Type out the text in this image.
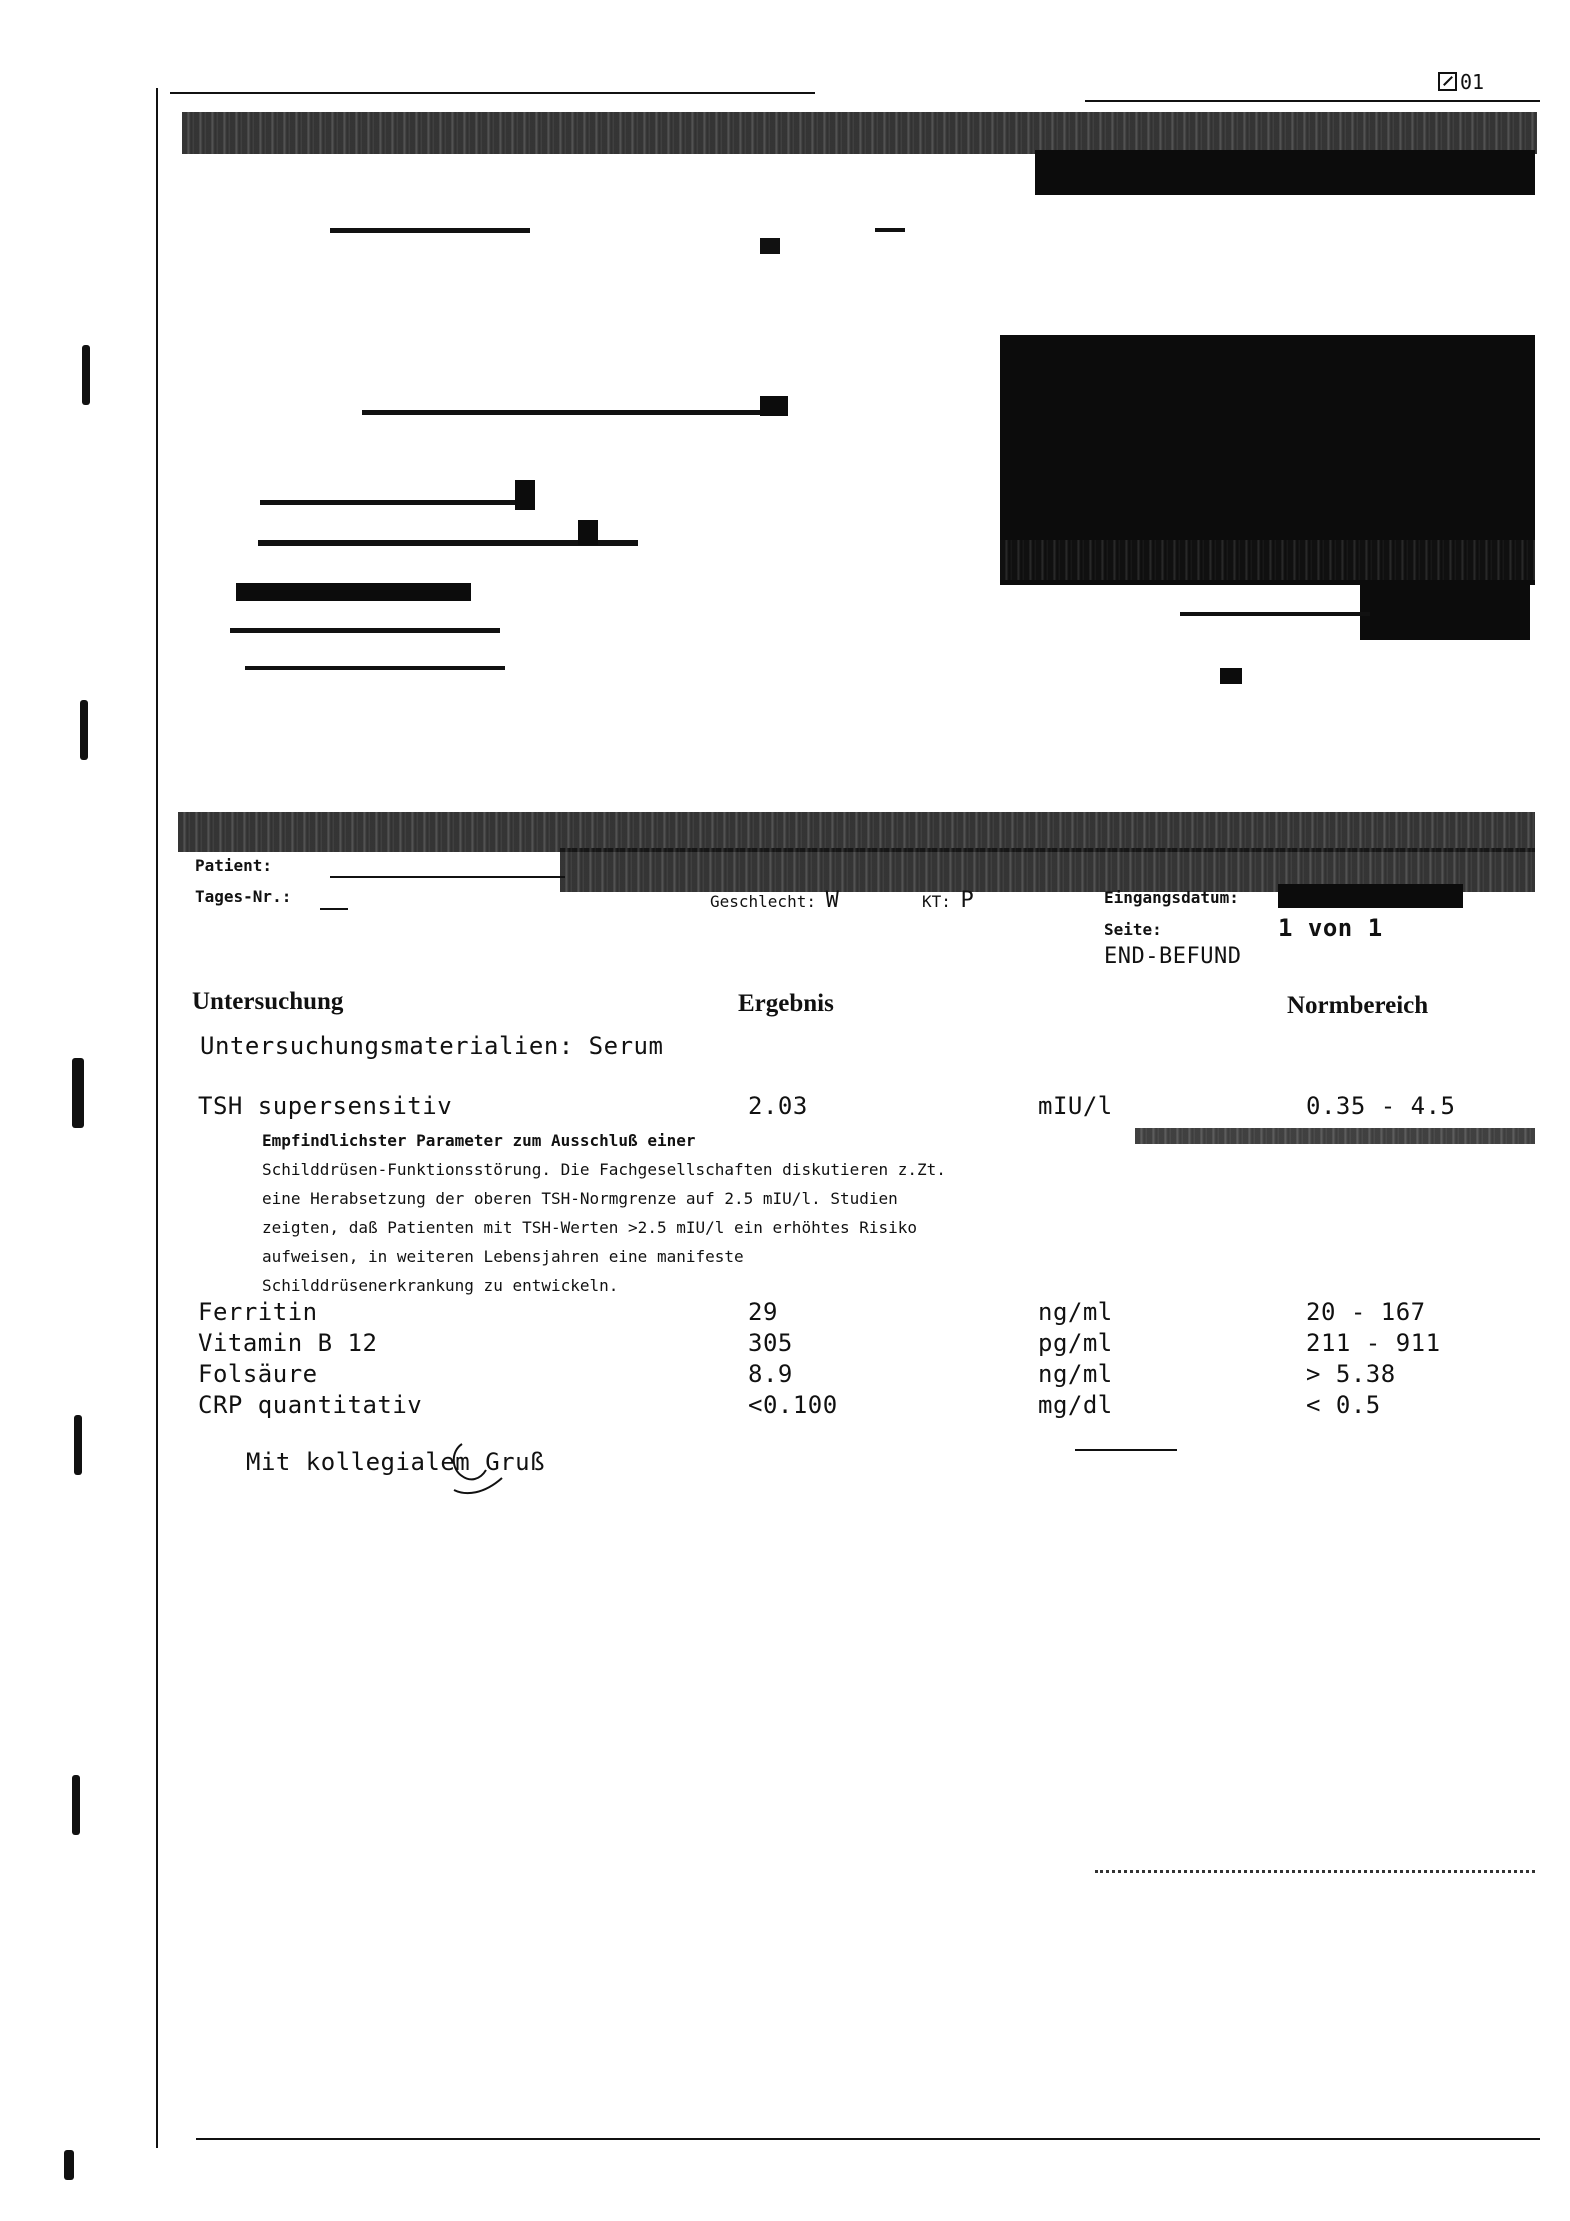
01
Patient:
Tages-Nr.:	Geschlecht: W	KT: P	Eingangsdatum:
Seite:	1 von 1
END-BEFUND
Untersuchung	Ergebnis	Normbereich
Untersuchungsmaterialien: Serum
TSH supersensitiv	2.03	mIU/l	0.35 - 4.5
Empfindlichster Parameter zum Ausschluß einer
Schilddrüsen-Funktionsstörung. Die Fachgesellschaften diskutieren z.Zt.
eine Herabsetzung der oberen TSH-Normgrenze auf 2.5 mIU/l. Studien
zeigten, daß Patienten mit TSH-Werten >2.5 mIU/l ein erhöhtes Risiko
aufweisen, in weiteren Lebensjahren eine manifeste
Schilddrüsenerkrankung zu entwickeln.
Ferritin	29	ng/ml	20 - 167
Vitamin B 12	305	pg/ml	211 - 911
Folsäure	8.9	ng/ml	> 5.38
CRP quantitativ	<0.100	mg/dl	< 0.5
Mit kollegialem Gruß
